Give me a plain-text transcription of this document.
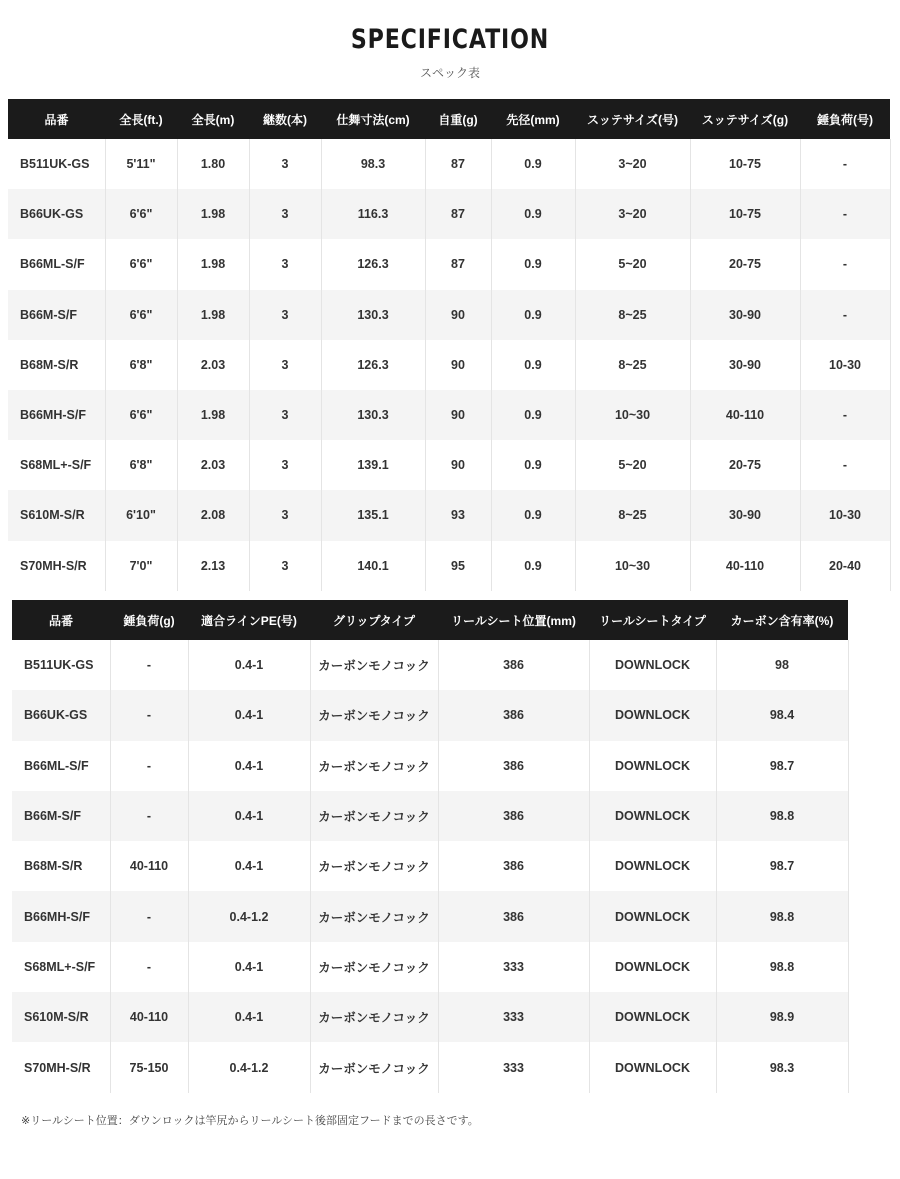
SPECIFICATION
スペック表
品番	全長(ft.)	全長(m)	継数(本)	仕舞寸法(cm)	自重(g)	先径(mm)	スッテサイズ(号)	スッテサイズ(g)	錘負荷(号)
B511UK-GS	5'11"	1.80	3	98.3	87	0.9	3~20	10-75	-
B66UK-GS	6'6"	1.98	3	116.3	87	0.9	3~20	10-75	-
B66ML-S/F	6'6"	1.98	3	126.3	87	0.9	5~20	20-75	-
B66M-S/F	6'6"	1.98	3	130.3	90	0.9	8~25	30-90	-
B68M-S/R	6'8"	2.03	3	126.3	90	0.9	8~25	30-90	10-30
B66MH-S/F	6'6"	1.98	3	130.3	90	0.9	10~30	40-110	-
S68ML+-S/F	6'8"	2.03	3	139.1	90	0.9	5~20	20-75	-
S610M-S/R	6'10"	2.08	3	135.1	93	0.9	8~25	30-90	10-30
S70MH-S/R	7'0"	2.13	3	140.1	95	0.9	10~30	40-110	20-40
品番	錘負荷(g)	適合ラインPE(号)	グリップタイプ	リールシート位置(mm)	リールシートタイプ	カーボン含有率(%)
B511UK-GS	-	0.4-1	カーボンモノコック	386	DOWNLOCK	98
B66UK-GS	-	0.4-1	カーボンモノコック	386	DOWNLOCK	98.4
B66ML-S/F	-	0.4-1	カーボンモノコック	386	DOWNLOCK	98.7
B66M-S/F	-	0.4-1	カーボンモノコック	386	DOWNLOCK	98.8
B68M-S/R	40-110	0.4-1	カーボンモノコック	386	DOWNLOCK	98.7
B66MH-S/F	-	0.4-1.2	カーボンモノコック	386	DOWNLOCK	98.8
S68ML+-S/F	-	0.4-1	カーボンモノコック	333	DOWNLOCK	98.8
S610M-S/R	40-110	0.4-1	カーボンモノコック	333	DOWNLOCK	98.9
S70MH-S/R	75-150	0.4-1.2	カーボンモノコック	333	DOWNLOCK	98.3
※リールシート位置：ダウンロックは竿尻からリールシート後部固定フードまでの長さです。
